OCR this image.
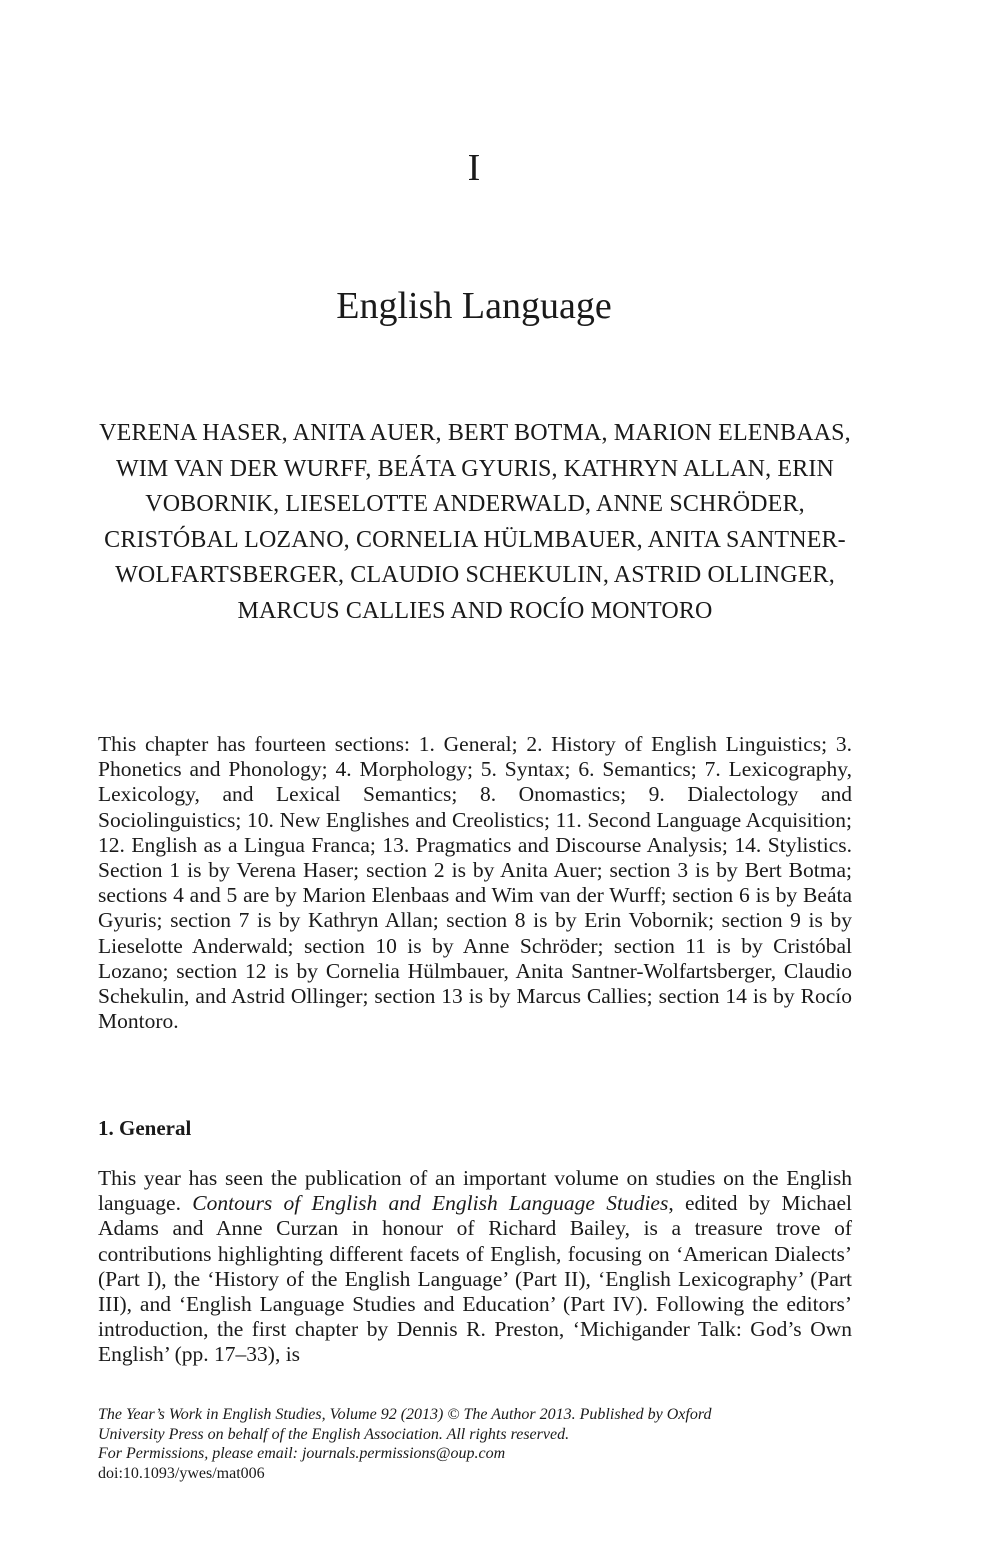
I
English Language
VERENA HASER, ANITA AUER, BERT BOTMA, MARION ELENBAAS, WIM VAN DER WURFF, BEÁTA GYURIS, KATHRYN ALLAN, ERIN VOBORNIK, LIESELOTTE ANDERWALD, ANNE SCHRÖDER, CRISTÓBAL LOZANO, CORNELIA HÜLMBAUER, ANITA SANTNER-WOLFARTSBERGER, CLAUDIO SCHEKULIN, ASTRID OLLINGER, MARCUS CALLIES AND ROCÍO MONTORO

This chapter has fourteen sections: 1. General; 2. History of English Linguistics; 3. Phonetics and Phonology; 4. Morphology; 5. Syntax; 6. Semantics; 7. Lexicography, Lexicology, and Lexical Semantics; 8. Onomastics; 9. Dialectology and Sociolinguistics; 10. New Englishes and Creolistics; 11. Second Language Acquisition; 12. English as a Lingua Franca; 13. Pragmatics and Discourse Analysis; 14. Stylistics. Section 1 is by Verena Haser; section 2 is by Anita Auer; section 3 is by Bert Botma; sections 4 and 5 are by Marion Elenbaas and Wim van der Wurff; section 6 is by Beáta Gyuris; section 7 is by Kathryn Allan; section 8 is by Erin Vobornik; section 9 is by Lieselotte Anderwald; section 10 is by Anne Schröder; section 11 is by Cristóbal Lozano; section 12 is by Cornelia Hülmbauer, Anita Santner-Wolfartsberger, Claudio Schekulin, and Astrid Ollinger; section 13 is by Marcus Callies; section 14 is by Rocío Montoro.

1. General

This year has seen the publication of an important volume on studies on the English language. Contours of English and English Language Studies, edited by Michael Adams and Anne Curzan in honour of Richard Bailey, is a treasure trove of contributions highlighting different facets of English, focusing on ‘American Dialects’ (Part I), the ‘History of the English Language’ (Part II), ‘English Lexicography’ (Part III), and ‘English Language Studies and Education’ (Part IV). Following the editors’ introduction, the first chapter by Dennis R. Preston, ‘Michigander Talk: God’s Own English’ (pp. 17–33), is

The Year’s Work in English Studies, Volume 92 (2013) © The Author 2013. Published by Oxford
University Press on behalf of the English Association. All rights reserved.
For Permissions, please email: journals.permissions@oup.com
doi:10.1093/ywes/mat006
